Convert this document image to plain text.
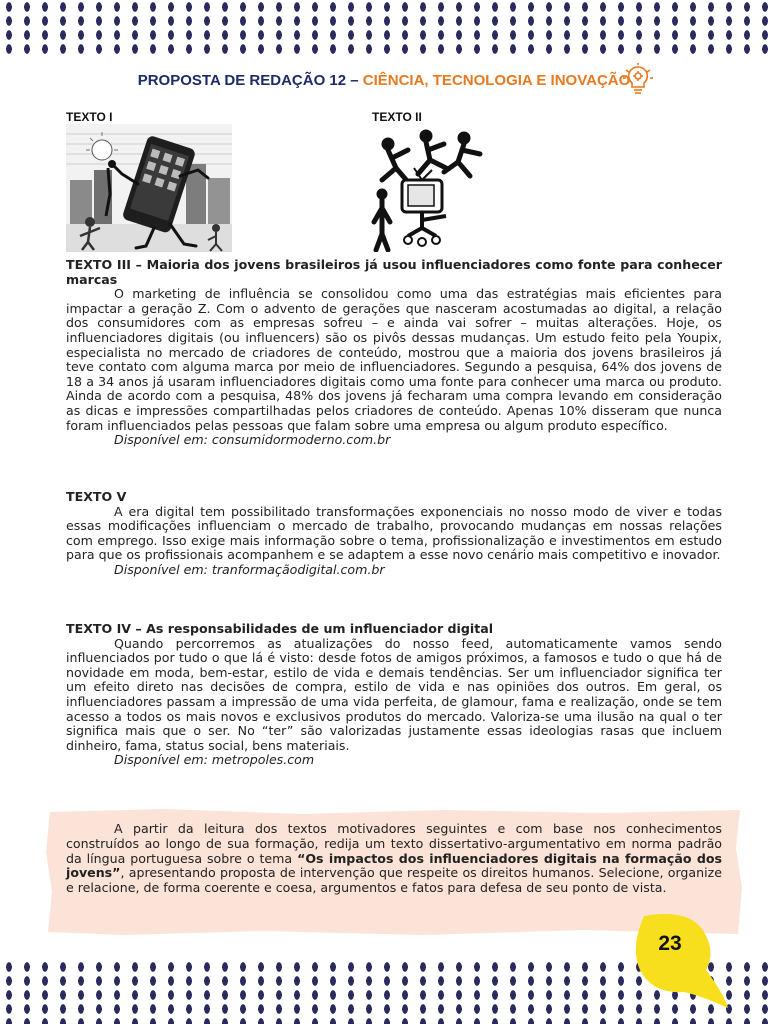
PROPOSTA DE REDAÇÃO 12 – CIÊNCIA, TECNOLOGIA E INOVAÇÃO
TEXTO I	TEXTO II
TEXTO III – Maioria dos jovens brasileiros já usou influenciadores como fonte para conhecer marcas

O marketing de influência se consolidou como uma das estratégias mais eficientes para impactar a geração Z. Com o advento de gerações que nasceram acostumadas ao digital, a relação dos consumidores com as empresas sofreu – e ainda vai sofrer – muitas alterações. Hoje, os influenciadores digitais (ou influencers) são os pivôs dessas mudanças. Um estudo feito pela Youpix, especialista no mercado de criadores de conteúdo, mostrou que a maioria dos jovens brasileiros já teve contato com alguma marca por meio de influenciadores. Segundo a pesquisa, 64% dos jovens de 18 a 34 anos já usaram influenciadores digitais como uma fonte para conhecer uma marca ou produto. Ainda de acordo com a pesquisa, 48% dos jovens já fecharam uma compra levando em consideração as dicas e impressões compartilhadas pelos criadores de conteúdo. Apenas 10% disseram que nunca foram influenciados pelas pessoas que falam sobre uma empresa ou algum produto específico.

Disponível em: consumidormoderno.com.br
TEXTO V

A era digital tem possibilitado transformações exponenciais no nosso modo de viver e todas essas modificações influenciam o mercado de trabalho, provocando mudanças em nossas relações com emprego. Isso exige mais informação sobre o tema, profissionalização e investimentos em estudo para que os profissionais acompanhem e se adaptem a esse novo cenário mais competitivo e inovador.

Disponível em: tranformaçãodigital.com.br
TEXTO IV – As responsabilidades de um influenciador digital

Quando percorremos as atualizações do nosso feed, automaticamente vamos sendo influenciados por tudo o que lá é visto: desde fotos de amigos próximos, a famosos e tudo o que há de novidade em moda, bem-estar, estilo de vida e demais tendências. Ser um influenciador significa ter um efeito direto nas decisões de compra, estilo de vida e nas opiniões dos outros. Em geral, os influenciadores passam a impressão de uma vida perfeita, de glamour, fama e realização, onde se tem acesso a todos os mais novos e exclusivos produtos do mercado. Valoriza-se uma ilusão na qual o ter significa mais que o ser. No “ter” são valorizadas justamente essas ideologias rasas que incluem dinheiro, fama, status social, bens materiais.

Disponível em: metropoles.com

A partir da leitura dos textos motivadores seguintes e com base nos conhecimentos construídos ao longo de sua formação, redija um texto dissertativo-argumentativo em norma padrão da língua portuguesa sobre o tema “Os impactos dos influenciadores digitais na formação dos jovens”, apresentando proposta de intervenção que respeite os direitos humanos. Selecione, organize e relacione, de forma coerente e coesa, argumentos e fatos para defesa de seu ponto de vista.

23
